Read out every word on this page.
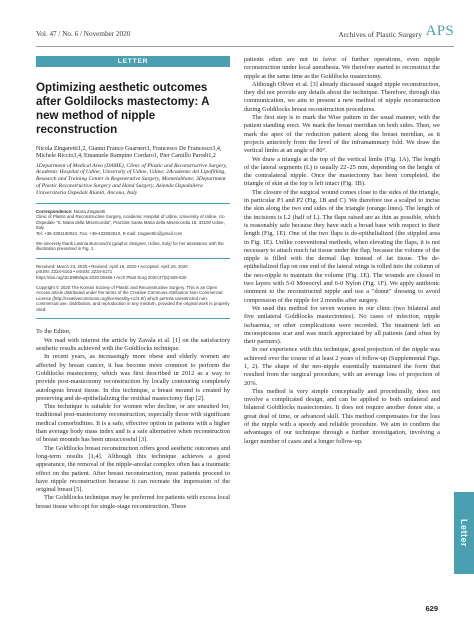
Vol. 47 / No. 6 / November 2020	Archives of Plastic Surgery APS
LETTER
Optimizing aesthetic outcomes after Goldilocks mastectomy: A new method of nipple reconstruction
Nicola Zingaretti1,2, Gianni Franco Guarneri1, Francesco De Francesco3,4, Michele Riccio3,4, Emanuele Rampino Cordaro1, Pier Camillo Parodi1,2
1Department of Medical Area (DAME), Clinic of Plastic and Reconstructive Surgery, Academic Hospital of Udine, University of Udine, Udine; 2Academic del Lipofilling, Research and Training Center in Regenerative Surgery, Montelabbate; 3Department of Plastic Reconstructive Surgery and Hand Surgery, Azienda Ospedaliera Universitaria Ospedali Riuniti, Ancona, Italy
Correspondence: Nicola Zingaretti
Clinic of Plastic and Reconstructive Surgery, Academic Hospital of Udine, University of Udine, c/o Ospedale "S. Maria della Misericordia", Piazzale Santa Maria della Misericordia 15, 33100 Udine, Italy
Tel: +39-3391190024, Fax: +39-432552510, E-mail: zingarettin@gmail.com
We sincerely thank Lavinia Burcovschi (graphic designer, Udine, Italy) for her assistance with the illustration presented in Fig. 1.
Received: March 23, 2020 • Revised: April 19, 2020 • Accepted: April 29, 2020
pISSN: 2234-6163 • eISSN: 2234-6171
https://doi.org/10.5999/aps.2020.00486 • Arch Plast Surg 2020;47(6):629-630
Copyright © 2020 The Korean Society of Plastic and Reconstructive Surgery. This is an Open Access article distributed under the terms of the Creative Commons Attribution Non-Commercial License (http://creativecommons.org/licenses/by-nc/4.0/) which permits unrestricted non-commercial use, distribution, and reproduction in any medium, provided the original work is properly cited.

To the Editor,

We read with interest the article by Zavala et al. [1] on the satisfactory aesthetic results achieved with the Goldilocks technique.

In recent years, as increasingly more obese and elderly women are affected by breast cancer, it has become more common to perform the Goldilocks mastectomy, which was first described in 2012 as a way to provide post-mastectomy reconstruction by locally contouring completely autologous breast tissue. In this technique, a breast mound is created by preserving and de-epithelializing the residual mastectomy flap [2].

This technique is suitable for women who decline, or are unsuited for, traditional post-mastectomy reconstruction, especially those with significant medical comorbidities. It is a safe, effective option in patients with a higher than average body mass index and is a safe alternative when reconstruction of breast mounds has been unsuccessful [3].

The Goldilocks breast reconstruction offers good aesthetic outcomes and long-term results [1,4]. Although this technique achieves a good appearance, the removal of the nipple-areolar complex often has a traumatic effect on the patient. After breast reconstruction, most patients proceed to have nipple reconstruction because it can recreate the impression of the original breast [5].

The Goldilocks technique may be preferred for patients with excess local breast tissue who opt for single-stage reconstruction. These

patients often are not in favor of further operations, even nipple reconstruction under local anesthesia. We therefore started to reconstruct the nipple at the same time as the Goldilocks mastectomy.

Although Oliver et al. [3] already discussed staged nipple reconstruction, they did not provide any details about the technique. Therefore, through this communication, we aim to present a new method of nipple reconstruction during Goldilocks breast reconstruction procedures.

The first step is to mark the Wise pattern in the usual manner, with the patient standing erect. We mark the breast meridian on both sides. Then, we mark the apex of the reduction pattern along the breast meridian, as it projects anteriorly from the level of the inframammary fold. We draw the vertical limbs at an angle of 80°.

We draw a triangle at the top of the vertical limbs (Fig. 1A). The length of the lateral segments (L) is usually 22–25 mm, depending on the height of the contralateral nipple. Once the mastectomy has been completed, the triangle of skin at the top is left intact (Fig. 1B).

The closure of the surgical wound comes close to the sides of the triangle, in particular P1 and P2 (Fig. 1B and C). We therefore use a scalpel to incise the skin along the two end sides of the triangle (orange lines). The length of the incisions is L2 (half of L). The flaps raised are as thin as possible, which is reasonably safe because they have such a broad base with respect to their length (Fig. 1E). One of the two flaps is de-epithelialized (the stippled area in Fig. 1E). Unlike conventional methods, when elevating the flaps, it is not necessary to attach much fat tissue under the flap, because the volume of the nipple is filled with the dermal flap instead of fat tissue. The de-epithelialized flap on one end of the lateral wings is rolled into the column of the neo-nipple to maintain the volume (Fig. 1E). The wounds are closed in two layers with 5-0 Monocryl and 6-0 Nylon (Fig. 1F). We apply antibiotic ointment to the reconstructed nipple and use a "donut" dressing to avoid compression of the nipple for 2 months after surgery.

We used this method for seven women in our clinic (two bilateral and five unilateral Goldilocks mastectomies). No cases of infection, nipple ischaemia, or other complications were recorded. The treatment left an inconspicuous scar and was much appreciated by all patients (and often by their partners).

In our experience with this technique, good projection of the nipple was achieved over the course of at least 2 years of follow-up (Supplemental Figs. 1, 2). The shape of the neo-nipple essentially maintained the form that resulted from the surgical procedure, with an average loss of projection of 20%.

This method is very simple conceptually and procedurally, does not involve a complicated design, and can be applied to both unilateral and bilateral Goldilocks mastectomies. It does not require another donor site, a great deal of time, or advanced skill. This method compensates for the loss of the nipple with a speedy and reliable procedure. We aim to confirm the advantages of our technique through a further investigation, involving a larger number of cases and a longer follow-up.

Letter
629
